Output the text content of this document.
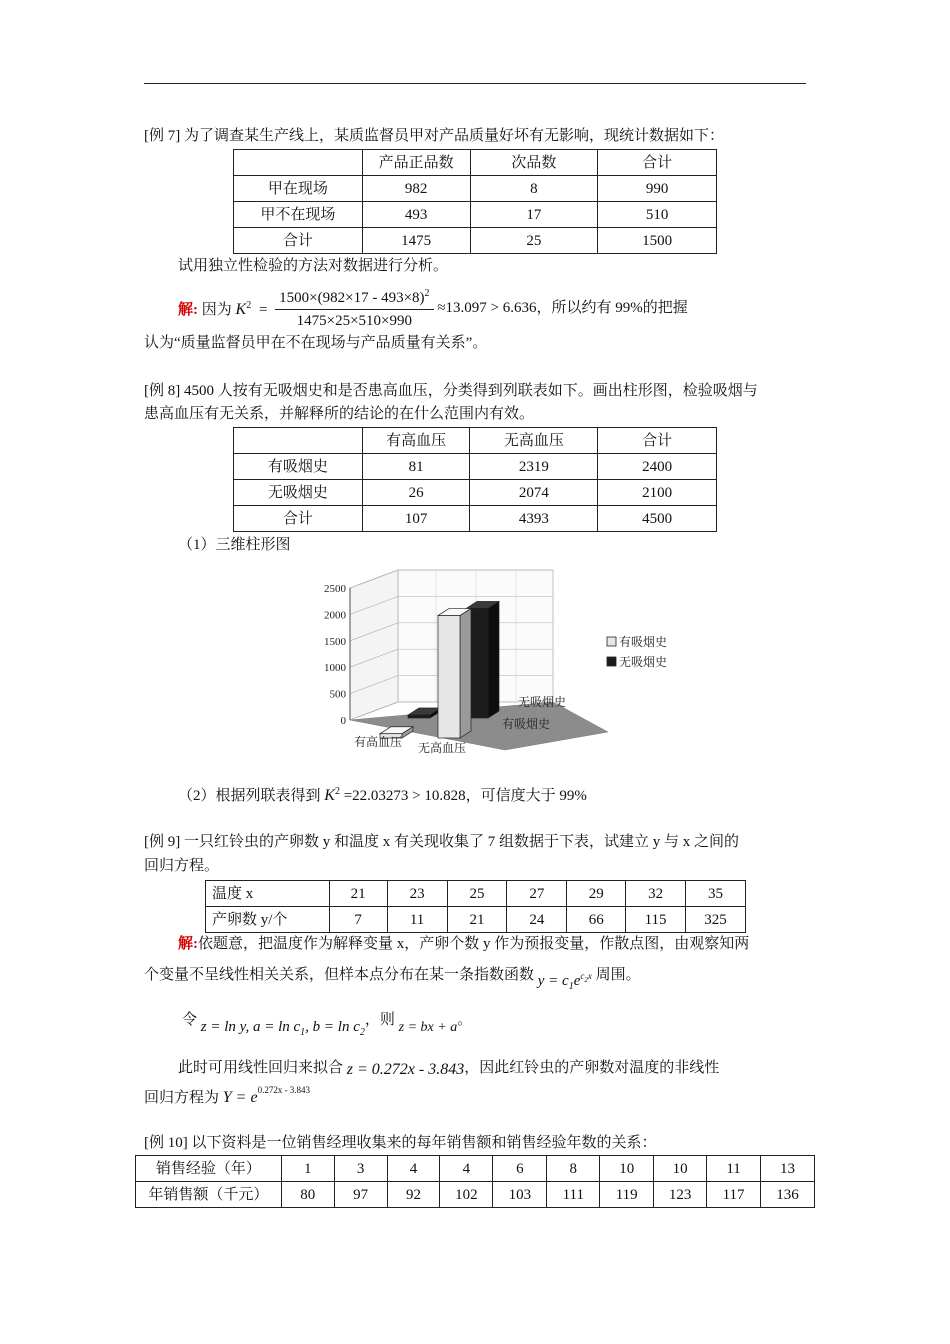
[例 7] 为了调查某生产线上，某质监督员甲对产品质量好坏有无影响，现统计数据如下：
	产品正品数	次品数	合计
甲在现场	982	8	990
甲不在现场	493	17	510
合计	1475	25	1500
试用独立性检验的方法对数据进行分析。
解: 因为 $K^2 = \frac{1500\times(982\times 17 - 493\times 8)^2}{1475\times 25\times 510\times 990} \approx 13.097 > 6.636$，所以约有 99%的把握
认为“质量监督员甲在不在现场与产品质量有关系”。
[例 8] 4500 人按有无吸烟史和是否患高血压，分类得到列联表如下。画出柱形图，检验吸烟与
患高血压有无关系，并解释所的结论的在什么范围内有效。
	有高血压	无高血压	合计
有吸烟史	81	2319	2400
无吸烟史	26	2074	2100
合计	107	4393	4500
（1）三维柱形图
0
500
1000
1500
2000
2500
有高血压 无高血压
有吸烟史
无吸烟史
有吸烟史
无吸烟史
（2）根据列联表得到 $K^2 =22.03273 > 10.828$，可信度大于 99%
[例 9] 一只红铃虫的产卵数 y 和温度 x 有关现收集了 7 组数据于下表，试建立 y 与 x 之间的
回归方程。
温度 x	21	23	25	27	29	32	35
产卵数 y/个	7	11	21	24	66	115	325
解:依题意，把温度作为解释变量 x，产卵个数 y 作为预报变量，作散点图，由观察知两
个变量不呈线性相关关系，但样本点分布在某一条指数函数 $y = c_1e^{c_2x}$ 周围。
令 z = ln y, $a = \ln c_1$, $b = \ln c_2$，则 z = bx + a。
此时可用线性回归来拟合 z = 0.272x - 3.843，因此红铃虫的产卵数对温度的非线性
回归方程为 $Y = e^{0.272x - 3.843}$
[例 10] 以下资料是一位销售经理收集来的每年销售额和销售经验年数的关系：
销售经验（年）	1	3	4	4	6	8	10	10	11	13
年销售额（千元）	80	97	92	102	103	111	119	123	117	136
